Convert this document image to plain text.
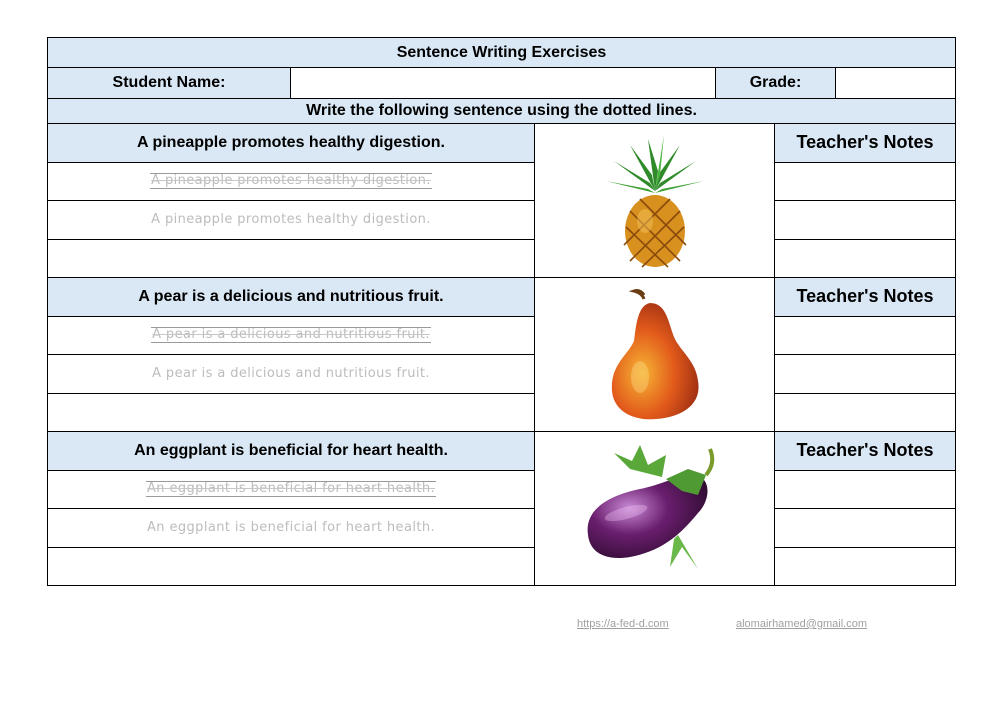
Sentence Writing Exercises
Student Name:	Grade:
Write the following sentence using the dotted lines.
A pineapple promotes healthy digestion.
A pineapple promotes healthy digestion.
A pineapple promotes healthy digestion.
Teacher's Notes
A pear is a delicious and nutritious fruit.
A pear is a delicious and nutritious fruit.
A pear is a delicious and nutritious fruit.
Teacher's Notes
An eggplant is beneficial for heart health.
An eggplant is beneficial for heart health.
An eggplant is beneficial for heart health.
Teacher's Notes
https://a-fed-d.com	alomairhamed@gmail.com
